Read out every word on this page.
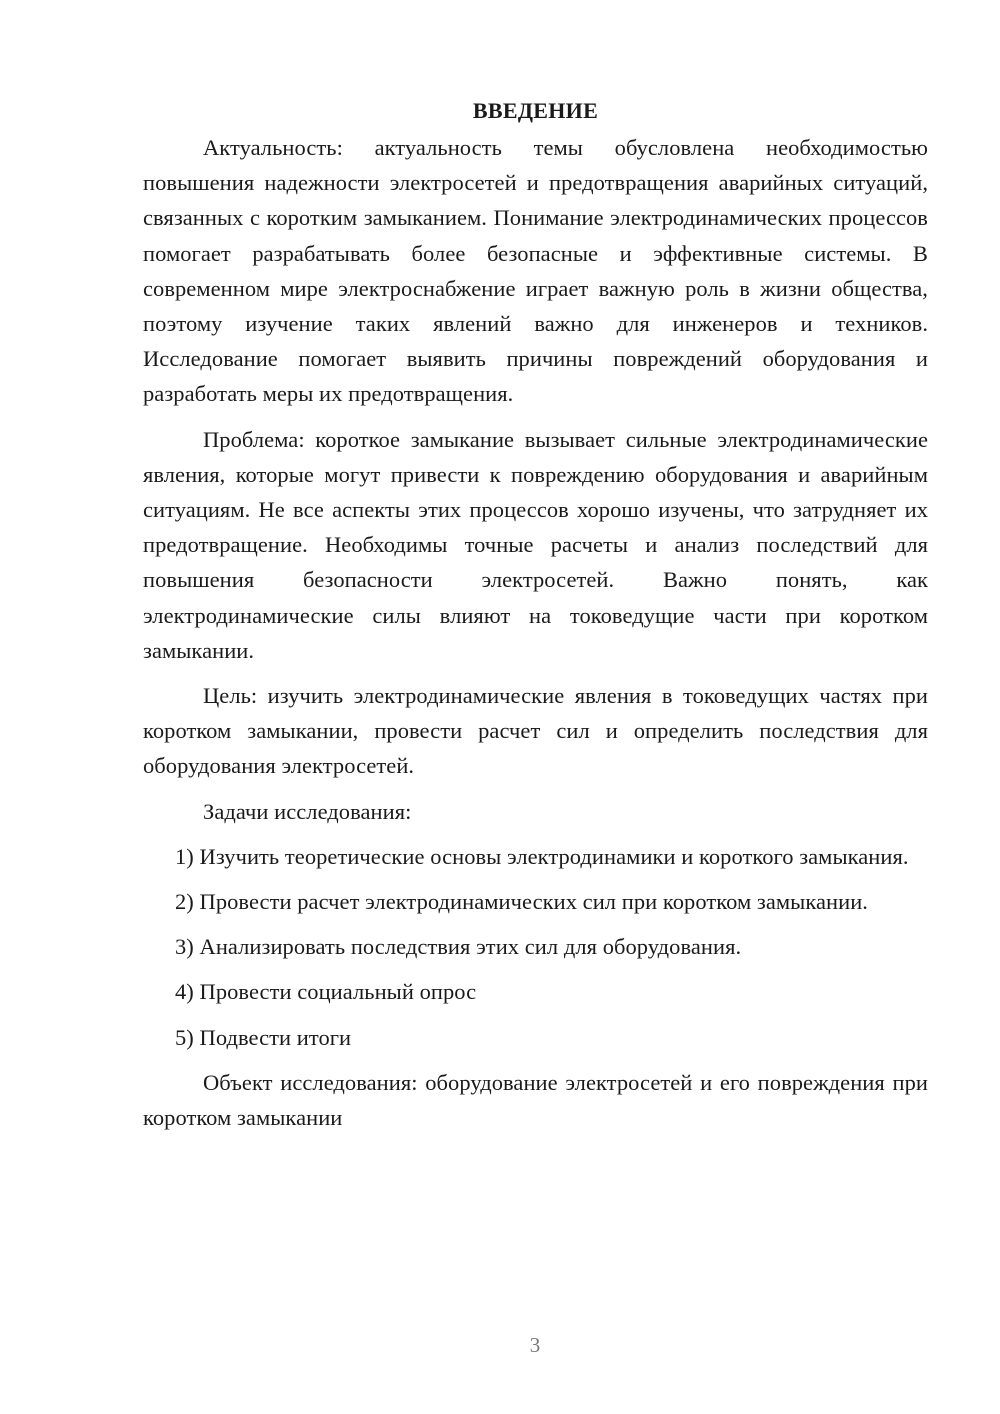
ВВЕДЕНИЕ

Актуальность: актуальность темы обусловлена необходимостью повышения надежности электросетей и предотвращения аварийных ситуаций, связанных с коротким замыканием. Понимание электродинамических процессов помогает разрабатывать более безопасные и эффективные системы. В современном мире электроснабжение играет важную роль в жизни общества, поэтому изучение таких явлений важно для инженеров и техников. Исследование помогает выявить причины повреждений оборудования и разработать меры их предотвращения.

Проблема: короткое замыкание вызывает сильные электродинамические явления, которые могут привести к повреждению оборудования и аварийным ситуациям. Не все аспекты этих процессов хорошо изучены, что затрудняет их предотвращение. Необходимы точные расчеты и анализ последствий для повышения безопасности электросетей. Важно понять, как электродинамические силы влияют на токоведущие части при коротком замыкании.

Цель: изучить электродинамические явления в токоведущих частях при коротком замыкании, провести расчет сил и определить последствия для оборудования электросетей.

Задачи исследования:

1) Изучить теоретические основы электродинамики и короткого замыкания.

2) Провести расчет электродинамических сил при коротком замыкании.

3) Анализировать последствия этих сил для оборудования.

4) Провести социальный опрос

5) Подвести итоги

Объект исследования: оборудование электросетей и его повреждения при коротком замыкании

3
